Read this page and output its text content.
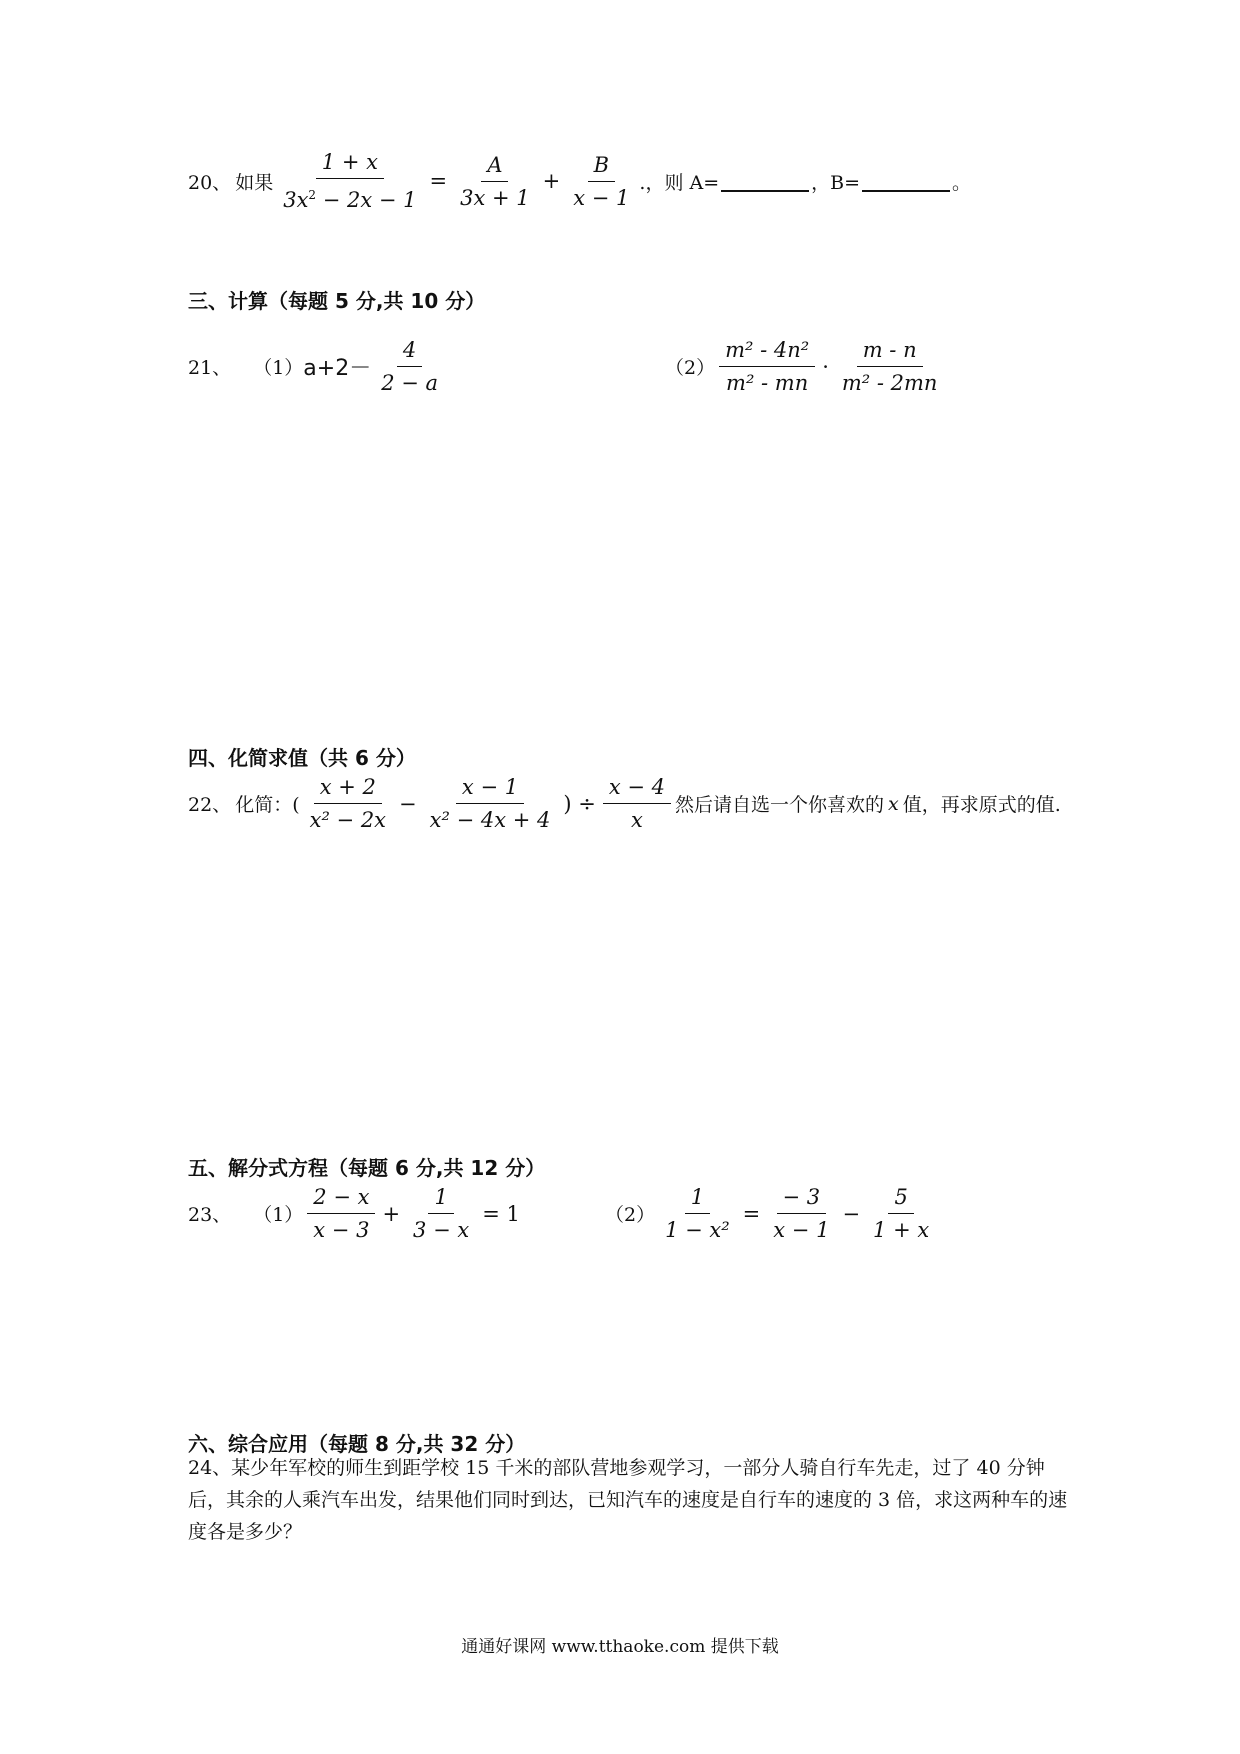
20、 如果 $\frac{1 + x}{3x^2 - 2x - 1} = \frac{A}{3x + 1} + \frac{B}{x - 1}$ .，则 A=	，B=	。
三、计算（每题 5 分,共 10 分）
21、 （1） $a+2- \frac{4}{2 - a}$	$(2) \frac{\text{m² - 4n²}}{\text{m² - mn}} \cdot \frac{m - n}{\text{m² - 2mn}}$
四、化简求值（共 6 分）
22、 化简：( $\frac{x + 2}{\text{x² − 2x}} - \frac{x - 1}{\text{x² − 4x + 4}}$ ) ÷ $\frac{x - 4}{x}$ 然后请自选一个你喜欢的 x 值，再求原式的值.
五、解分式方程（每题 6 分,共 12 分）
23、 $(1) \frac{2 - x}{x - 3} + \frac{1}{3 - x} = 1$	$(2) \frac{1}{\text{1 − x²}} = \frac{- 3}{x - 1} - \frac{5}{1 + x}$
六、综合应用（每题 8 分,共 32 分）
24、某少年军校的师生到距学校 15 千米的部队营地参观学习，一部分人骑自行车先走，过了 40 分钟后，其余的人乘汽车出发，结果他们同时到达，已知汽车的速度是自行车的速度的 3 倍，求这两种车的速度各是多少？
通通好课网 www.tthaoke.com 提供下载
